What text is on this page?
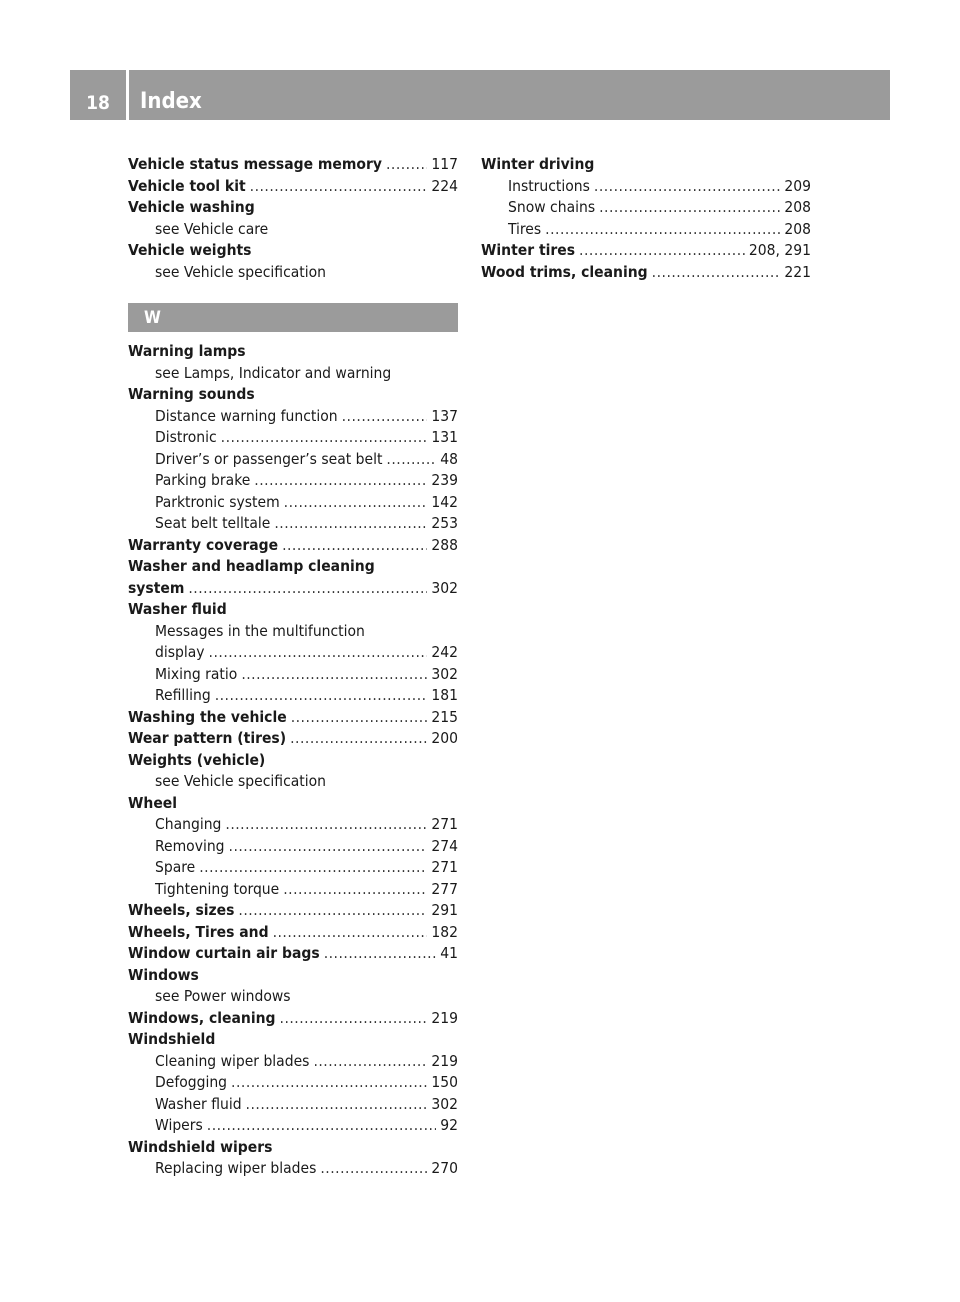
18	Index
Vehicle status message memory .....	117
Vehicle tool kit .....	224
Vehicle washing
see Vehicle care
Vehicle weights
see Vehicle specification
W
Warning lamps
see Lamps, Indicator and warning
Warning sounds
Distance warning function .....	137
Distronic .....	131
Driver’s or passenger’s seat belt .....	48
Parking brake .....	239
Parktronic system .....	142
Seat belt telltale .....	253
Warranty coverage .....	288
Washer and headlamp cleaning
system .....	302
Washer fluid
Messages in the multifunction
display .....	242
Mixing ratio .....	302
Refilling .....	181
Washing the vehicle .....	215
Wear pattern (tires) .....	200
Weights (vehicle)
see Vehicle specification
Wheel
Changing .....	271
Removing .....	274
Spare .....	271
Tightening torque .....	277
Wheels, sizes .....	291
Wheels, Tires and .....	182
Window curtain air bags .....	41
Windows
see Power windows
Windows, cleaning .....	219
Windshield
Cleaning wiper blades .....	219
Defogging .....	150
Washer fluid .....	302
Wipers .....	92
Windshield wipers
Replacing wiper blades .....	270
Winter driving
Instructions .....	209
Snow chains .....	208
Tires .....	208
Winter tires .....	208, 291
Wood trims, cleaning .....	221
